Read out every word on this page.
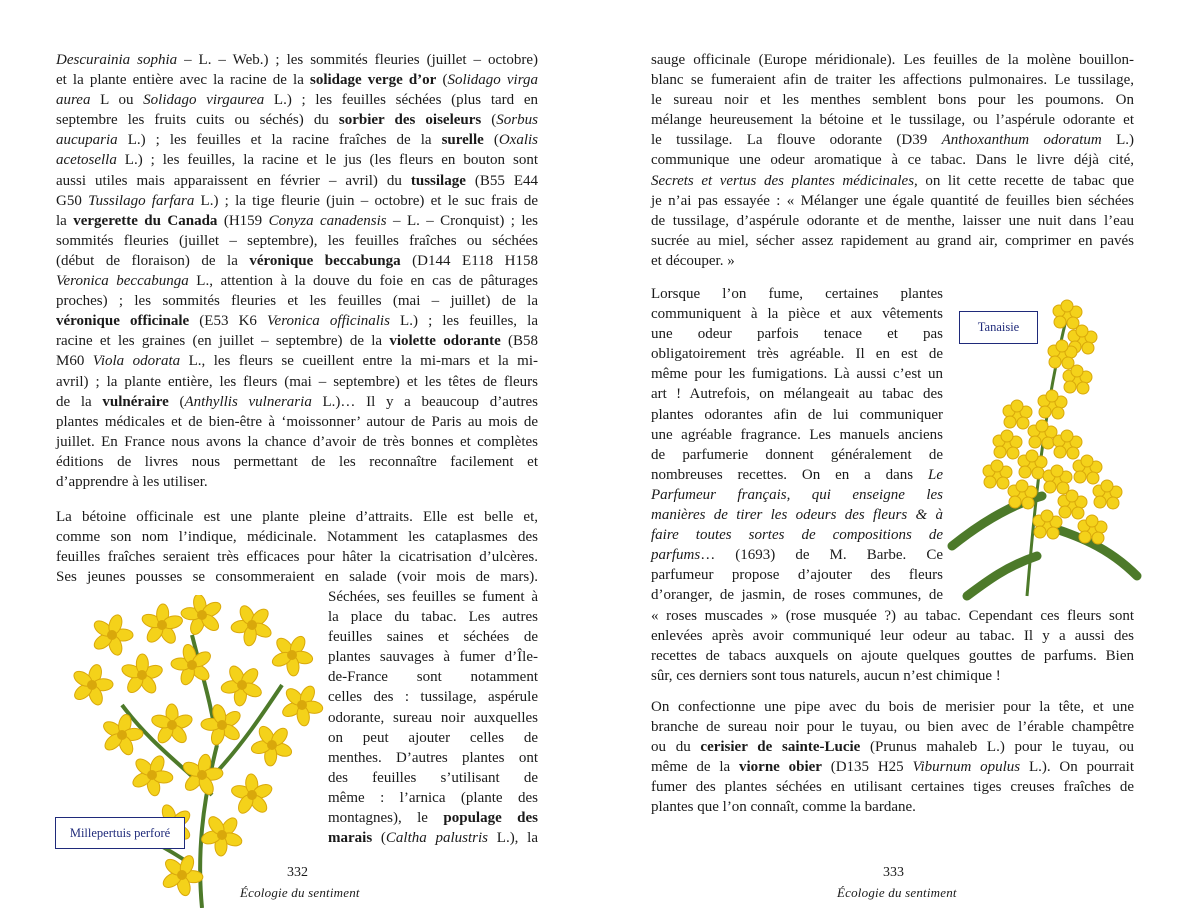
Descurainia sophia – L. – Web.) ; les sommités fleuries (juillet – octobre)
et la plante entière avec la racine de la solidage verge d’or (Solidago virga
aurea L ou Solidago virgaurea L.) ; les feuilles séchées (plus tard en
septembre les fruits cuits ou séchés) du sorbier des oiseleurs (Sorbus
aucuparia L.) ; les feuilles et la racine fraîches de la surelle (Oxalis
acetosella L.) ; les feuilles, la racine et le jus (les fleurs en bouton sont
aussi utiles mais apparaissent en février – avril) du tussilage (B55 E44
G50 Tussilago farfara L.) ; la tige fleurie (juin – octobre) et le suc frais de
la vergerette du Canada (H159 Conyza canadensis – L. – Cronquist) ; les
sommités fleuries (juillet – septembre), les feuilles fraîches ou séchées
(début de floraison) de la véronique beccabunga (D144 E118 H158
Veronica beccabunga L., attention à la douve du foie en cas de pâturages
proches) ; les sommités fleuries et les feuilles (mai – juillet) de la
véronique officinale (E53 K6 Veronica officinalis L.) ; les feuilles, la
racine et les graines (en juillet – septembre) de la violette odorante (B58
M60 Viola odorata L., les fleurs se cueillent entre la mi-mars et la mi-
avril) ; la plante entière, les fleurs (mai – septembre) et les têtes de fleurs
de la vulnéraire (Anthyllis vulneraria L.)… Il y a beaucoup d’autres
plantes médicales et de bien-être à ‘moissonner’ autour de Paris au mois de
juillet. En France nous avons la chance d’avoir de très bonnes et complètes
éditions de livres nous permettant de les reconnaître facilement et
d’apprendre à les utiliser.
La bétoine officinale est une plante pleine d’attraits. Elle est belle et,
comme son nom l’indique, médicinale. Notamment les cataplasmes des
feuilles fraîches seraient très efficaces pour hâter la cicatrisation d’ulcères.
Ses jeunes pousses se consommeraient en salade (voir mois de mars).
Séchées, ses feuilles se fument à
la place du tabac. Les autres
feuilles saines et séchées de
plantes sauvages à fumer d’Île-
de-France sont notamment
celles des : tussilage, aspérule
odorante, sureau noir auxquelles
on peut ajouter celles de
menthes. D’autres plantes ont
des feuilles s’utilisant de
même : l’arnica (plante des
montagnes), le populage des
marais (Caltha palustris L.), la
Millepertuis perforé
332
Écologie du sentiment
sauge officinale (Europe méridionale). Les feuilles de la molène bouillon-
blanc se fumeraient afin de traiter les affections pulmonaires. Le tussilage,
le sureau noir et les menthes semblent bons pour les poumons. On
mélange heureusement la bétoine et le tussilage, ou l’aspérule odorante et
le tussilage. La flouve odorante (D39 Anthoxanthum odoratum L.)
communique une odeur aromatique à ce tabac. Dans le livre déjà cité,
Secrets et vertus des plantes médicinales, on lit cette recette de tabac que
je n’ai pas essayée : « Mélanger une égale quantité de feuilles bien séchées
de tussilage, d’aspérule odorante et de menthe, laisser une nuit dans l’eau
sucrée au miel, sécher assez rapidement au grand air, comprimer en pavés
et découper. »
Lorsque l’on fume, certaines plantes
communiquent à la pièce et aux vêtements
une odeur parfois tenace et pas
obligatoirement très agréable. Il en est de
même pour les fumigations. Là aussi c’est un
art ! Autrefois, on mélangeait au tabac des
plantes odorantes afin de lui communiquer
une agréable fragrance. Les manuels anciens
de parfumerie donnent généralement de
nombreuses recettes. On en a dans Le
Parfumeur français, qui enseigne les
manières de tirer les odeurs des fleurs & à
faire toutes sortes de compositions de
parfums… (1693) de M. Barbe. Ce
parfumeur propose d’ajouter des fleurs
d’oranger, de jasmin, de roses communes, de
« roses muscades » (rose musquée ?) au tabac. Cependant ces fleurs sont
enlevées après avoir communiqué leur odeur au tabac. Il y a aussi des
recettes de tabacs auxquels on ajoute quelques gouttes de parfums. Bien
sûr, ces derniers sont tous naturels, aucun n’est chimique !
On confectionne une pipe avec du bois de merisier pour la tête, et une
branche de sureau noir pour le tuyau, ou bien avec de l’érable champêtre
ou du cerisier de sainte-Lucie (Prunus mahaleb L.) pour le tuyau, ou
même de la viorne obier (D135 H25 Viburnum opulus L.). On pourrait
fumer des plantes séchées en utilisant certaines tiges creuses fraîches de
plantes que l’on connaît, comme la bardane.
Tanaisie
333
Écologie du sentiment
